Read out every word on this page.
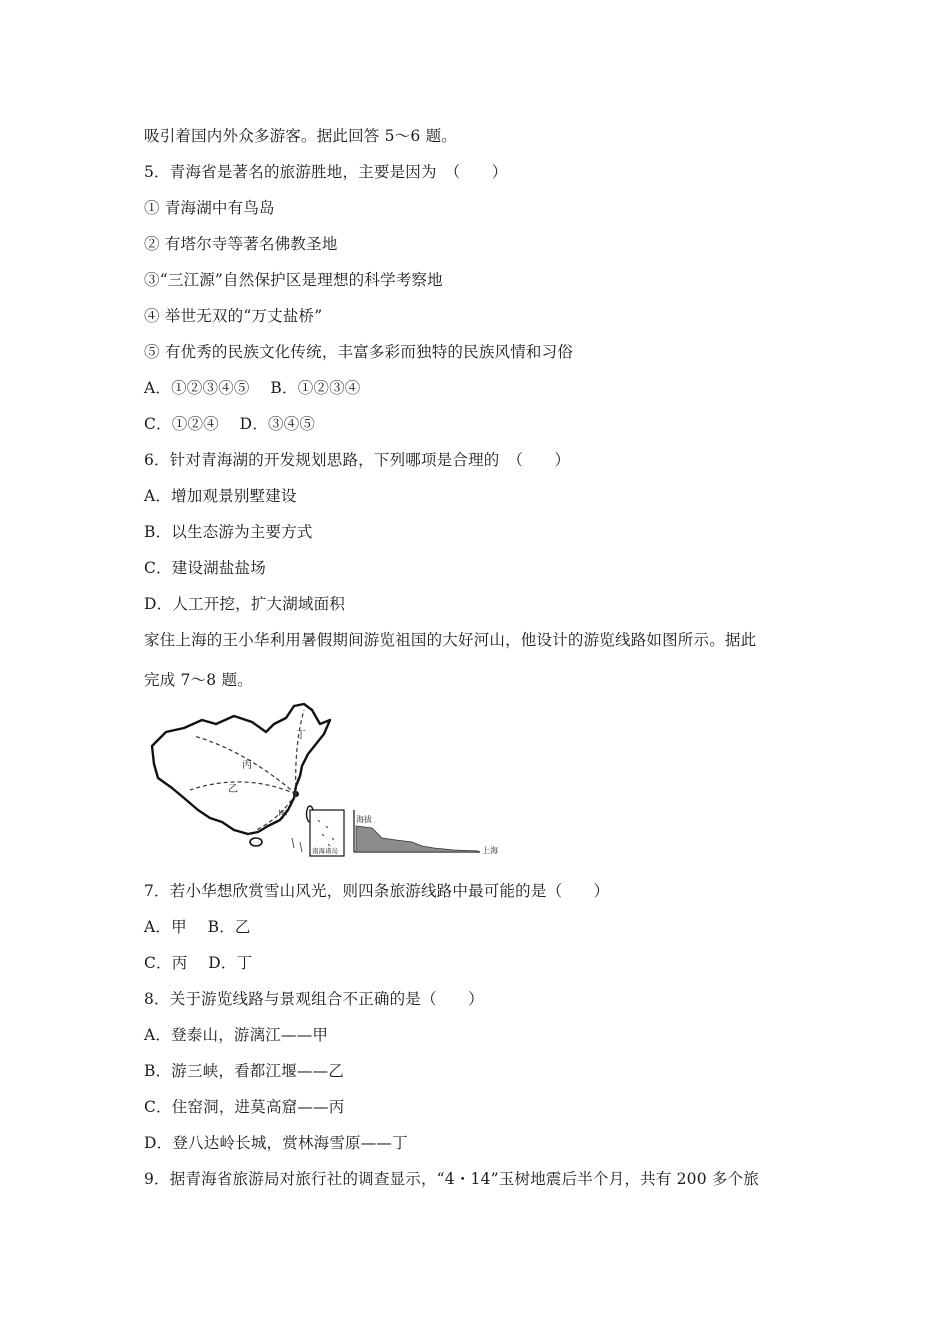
吸引着国内外众多游客。据此回答 5～6 题。
5．青海省是著名的旅游胜地，主要是因为　（　　）
① 青海湖中有鸟岛
② 有塔尔寺等著名佛教圣地
③“三江源”自然保护区是理想的科学考察地
④ 举世无双的“万丈盐桥”
⑤ 有优秀的民族文化传统，丰富多彩而独特的民族风情和习俗
A．①②③④⑤　 B．①②③④
C．①②④　 D．③④⑤
6．针对青海湖的开发规划思路，下列哪项是合理的　（　　）
A．增加观景别墅建设
B．以生态游为主要方式
C．建设湖盐盐场
D．人工开挖，扩大湖域面积
家住上海的王小华利用暑假期间游览祖国的大好河山，他设计的游览线路如图所示。据此
完成 7～8 题。
甲
乙
丙
丁
南海诸岛
海拔
上海
7．若小华想欣赏雪山风光，则四条旅游线路中最可能的是（　　）
A．甲　 B．乙
C．丙　 D．丁
8．关于游览线路与景观组合不正确的是（　　）
A．登泰山，游漓江——甲
B．游三峡，看都江堰——乙
C．住窑洞，进莫高窟——丙
D．登八达岭长城，赏林海雪原——丁
9．据青海省旅游局对旅行社的调查显示，“4・14”玉树地震后半个月，共有 200 多个旅
